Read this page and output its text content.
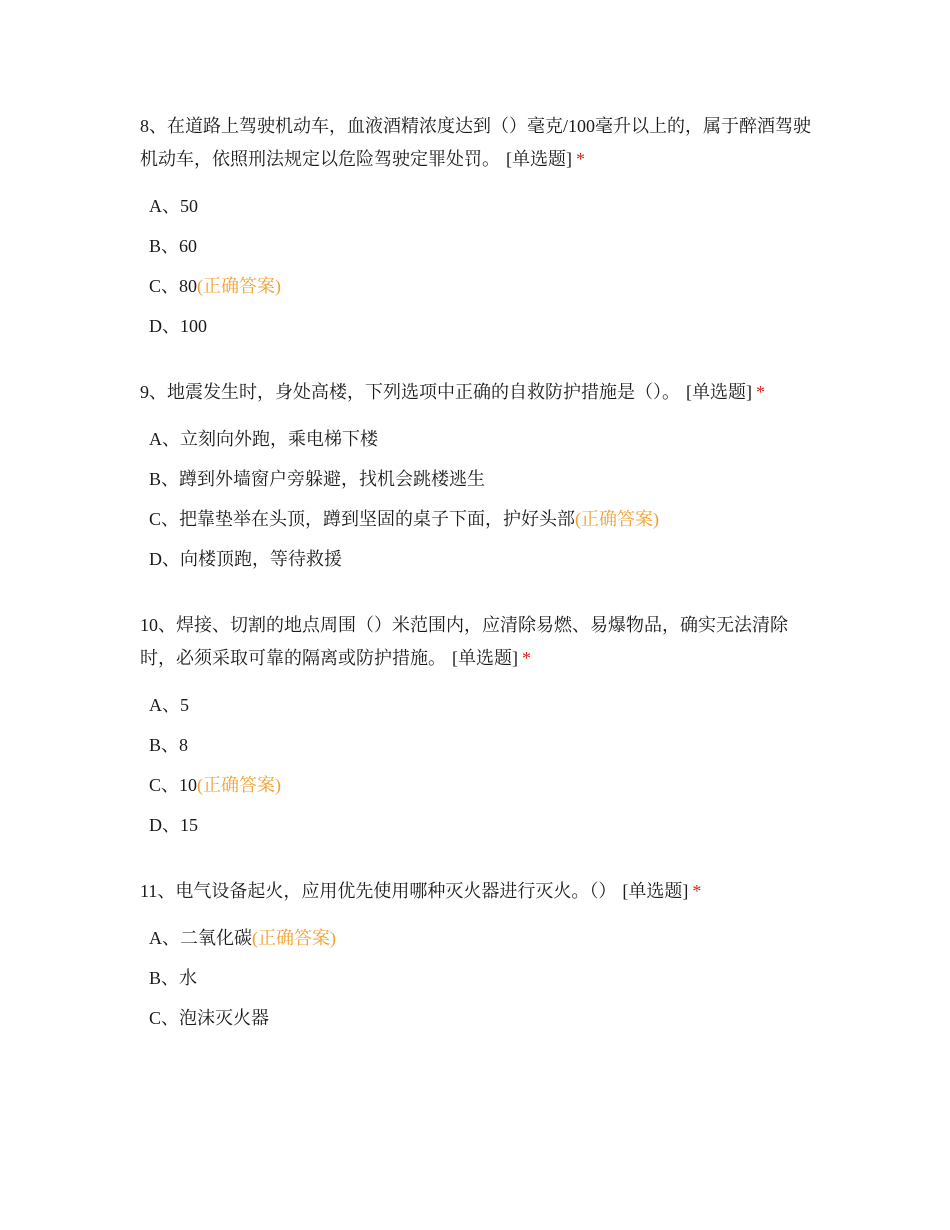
8、在道路上驾驶机动车，血液酒精浓度达到（）毫克/100毫升以上的，属于醉酒驾驶机动车，依照刑法规定以危险驾驶定罪处罚。 [单选题] *

A、50
B、60
C、80(正确答案)
D、100

9、地震发生时，身处高楼，下列选项中正确的自救防护措施是（）。 [单选题] *

A、立刻向外跑，乘电梯下楼
B、蹲到外墙窗户旁躲避，找机会跳楼逃生
C、把靠垫举在头顶，蹲到坚固的桌子下面，护好头部(正确答案)
D、向楼顶跑，等待救援

10、焊接、切割的地点周围（）米范围内，应清除易燃、易爆物品，确实无法清除时，必须采取可靠的隔离或防护措施。 [单选题] *

A、5
B、8
C、10(正确答案)
D、15

11、电气设备起火，应用优先使用哪种灭火器进行灭火。（） [单选题] *

A、二氧化碳(正确答案)
B、水
C、泡沫灭火器
